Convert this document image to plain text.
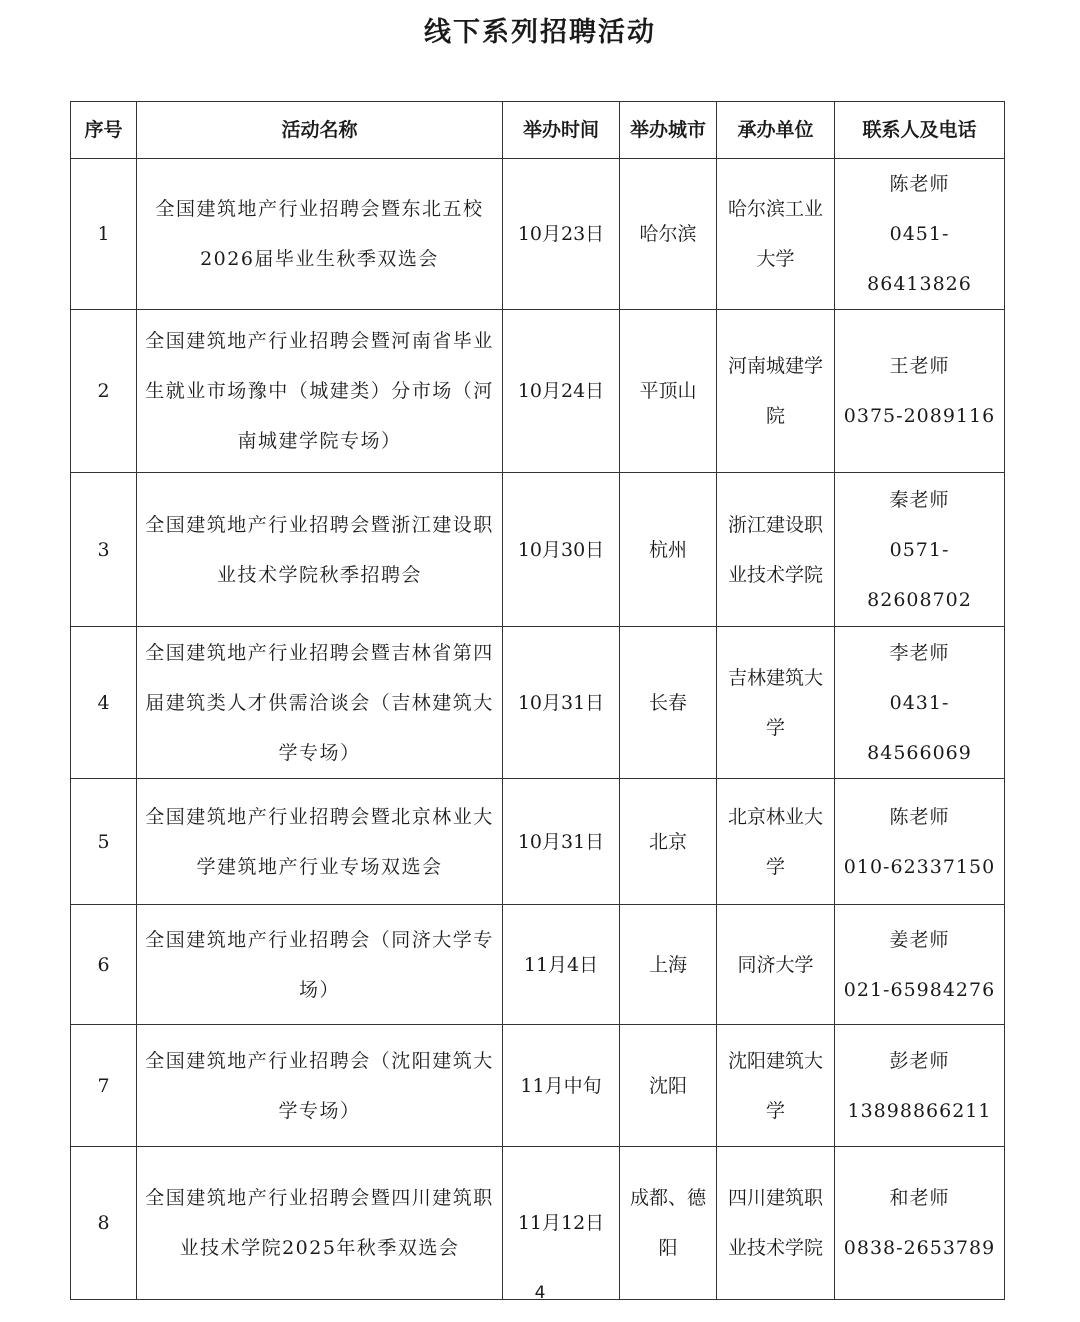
线下系列招聘活动
序号	活动名称	举办时间	举办城市	承办单位	联系人及电话
1	全国建筑地产行业招聘会暨东北五校2026届毕业生秋季双选会	10月23日	哈尔滨	哈尔滨工业大学	陈老师
0451-86413826

2	全国建筑地产行业招聘会暨河南省毕业生就业市场豫中（城建类）分市场（河南城建学院专场）	10月24日	平顶山	河南城建学院	王老师
0375-2089116

3	全国建筑地产行业招聘会暨浙江建设职业技术学院秋季招聘会	10月30日	杭州	浙江建设职业技术学院	秦老师
0571-82608702

4	全国建筑地产行业招聘会暨吉林省第四届建筑类人才供需洽谈会（吉林建筑大学专场）	10月31日	长春	吉林建筑大学	李老师
0431-84566069

5	全国建筑地产行业招聘会暨北京林业大学建筑地产行业专场双选会	10月31日	北京	北京林业大学	陈老师
010-62337150

6	全国建筑地产行业招聘会（同济大学专场）	11月4日	上海	同济大学	姜老师
021-65984276

7	全国建筑地产行业招聘会（沈阳建筑大学专场）	11月中旬	沈阳	沈阳建筑大学	彭老师
13898866211

8	全国建筑地产行业招聘会暨四川建筑职业技术学院2025年秋季双选会	11月12日	成都、德阳	四川建筑职业技术学院	和老师
0838-2653789
4
